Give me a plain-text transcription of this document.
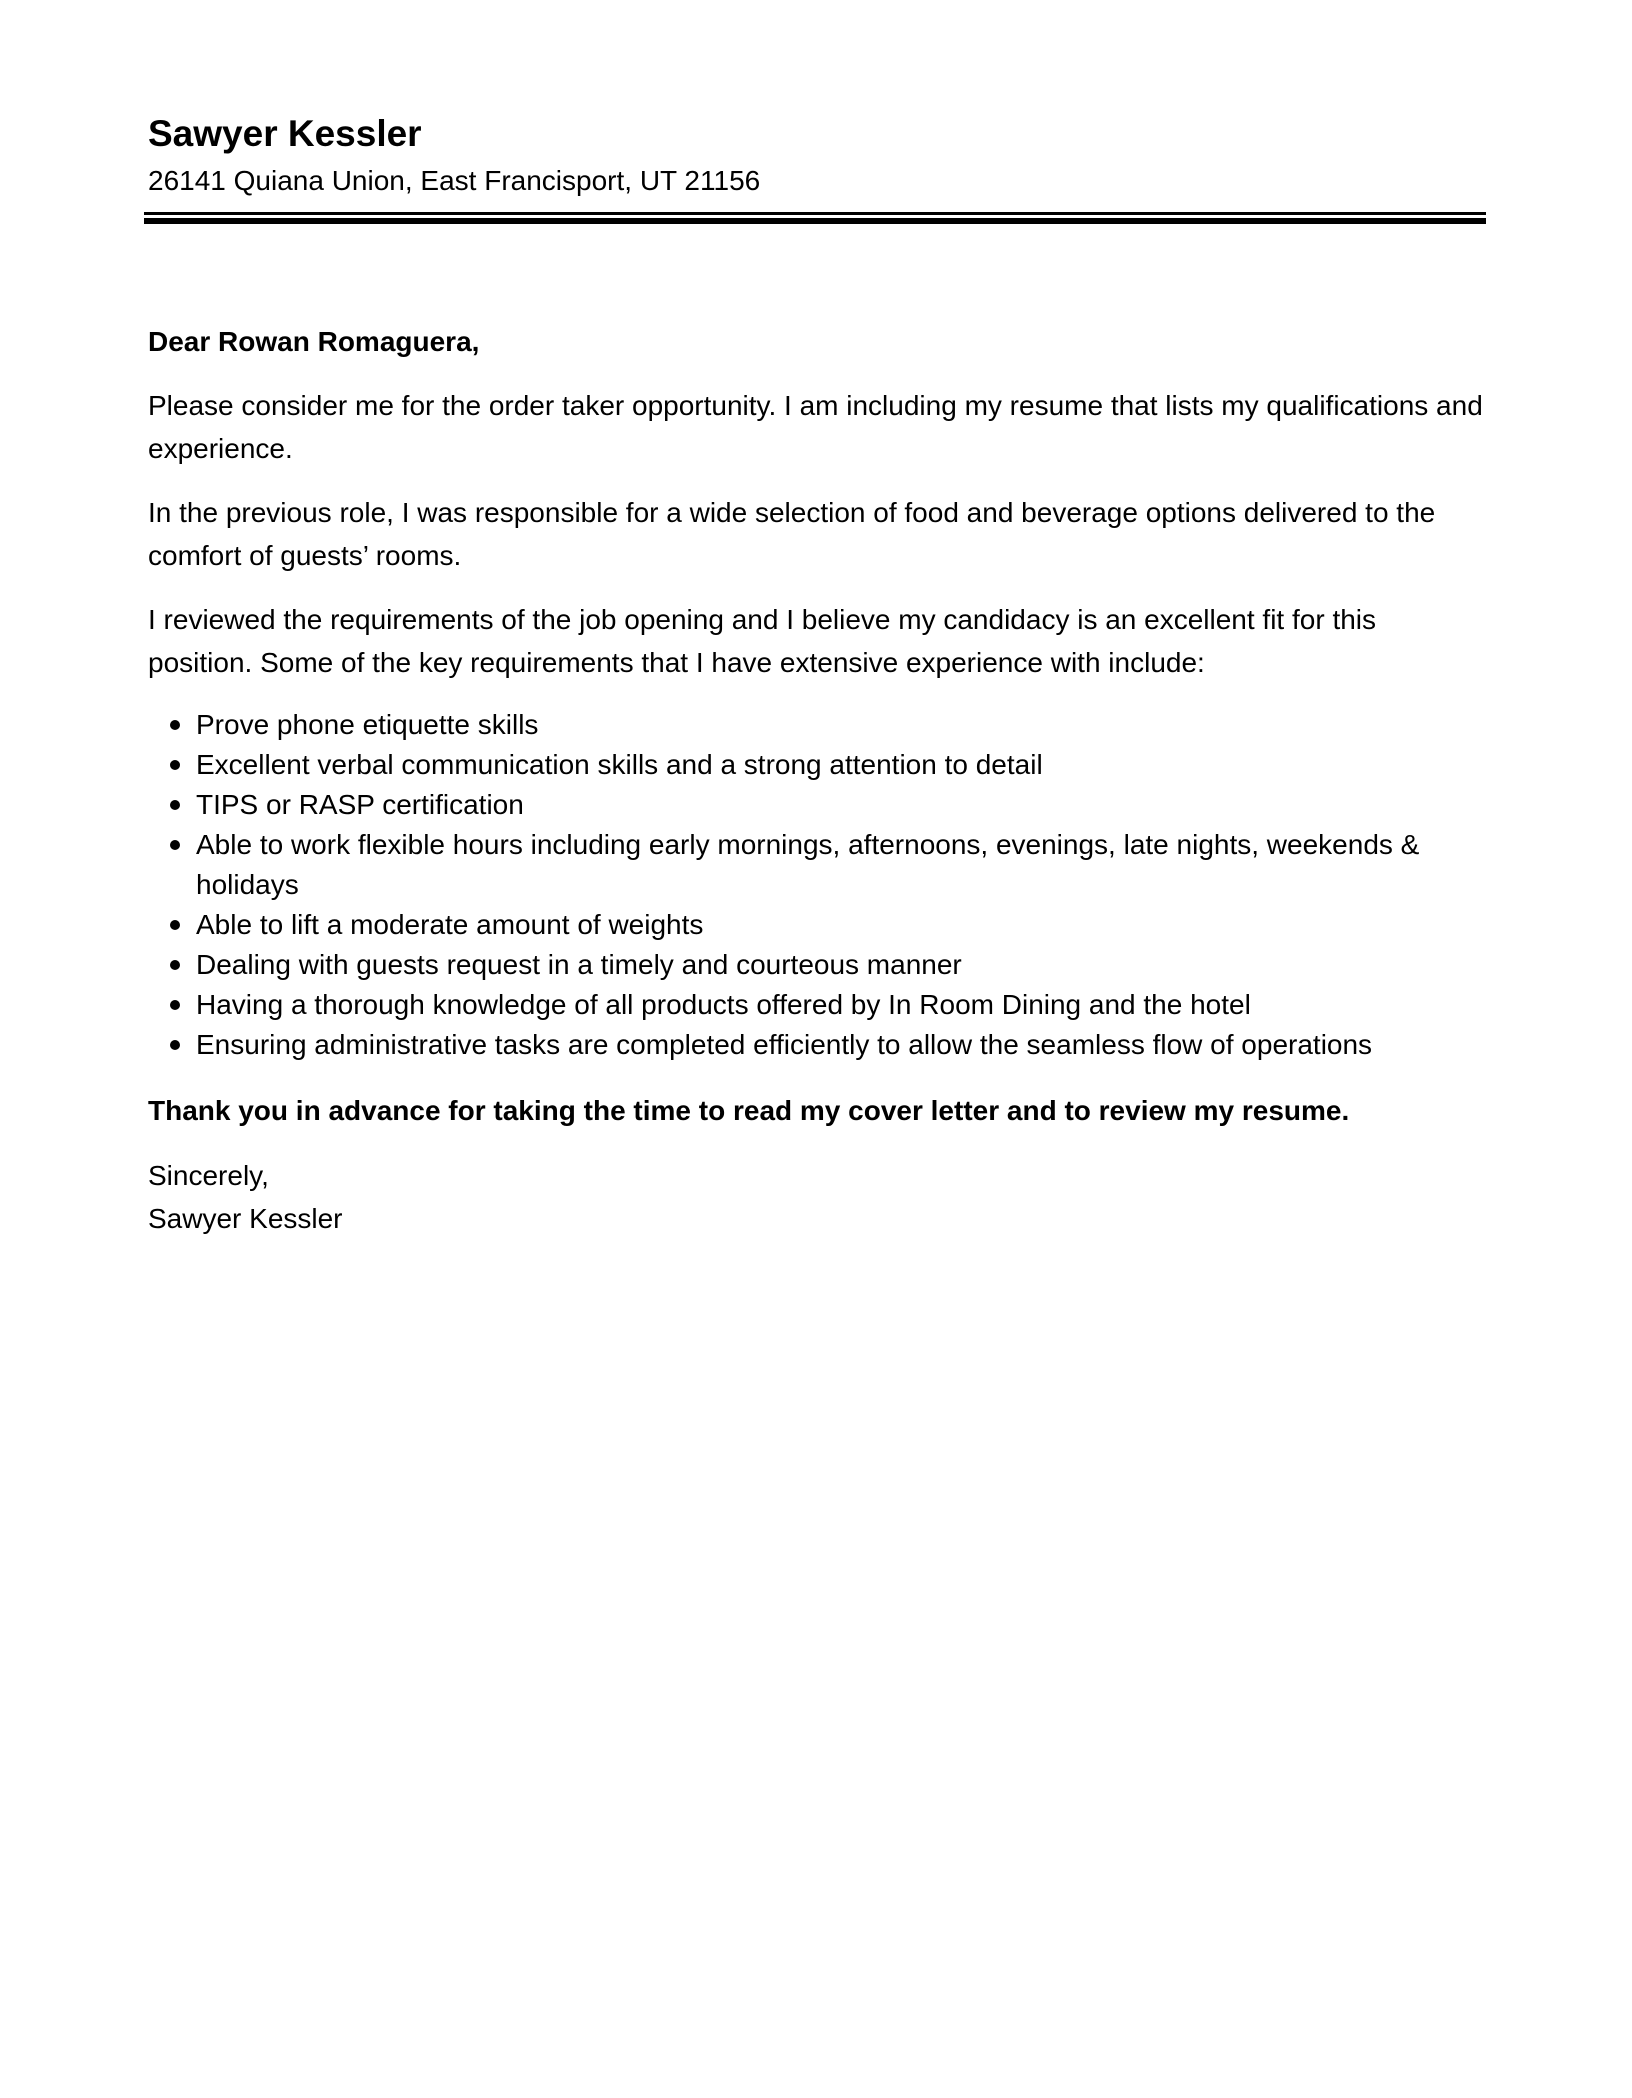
Sawyer Kessler
26141 Quiana Union, East Francisport, UT 21156

Dear Rowan Romaguera,

Please consider me for the order taker opportunity. I am including my resume that lists my qualifications and experience.

In the previous role, I was responsible for a wide selection of food and beverage options delivered to the comfort of guests’ rooms.

I reviewed the requirements of the job opening and I believe my candidacy is an excellent fit for this position. Some of the key requirements that I have extensive experience with include:

Prove phone etiquette skills
Excellent verbal communication skills and a strong attention to detail
TIPS or RASP certification
Able to work flexible hours including early mornings, afternoons, evenings, late nights, weekends & holidays
Able to lift a moderate amount of weights
Dealing with guests request in a timely and courteous manner
Having a thorough knowledge of all products offered by In Room Dining and the hotel
Ensuring administrative tasks are completed efficiently to allow the seamless flow of operations

Thank you in advance for taking the time to read my cover letter and to review my resume.

Sincerely,

Sawyer Kessler
